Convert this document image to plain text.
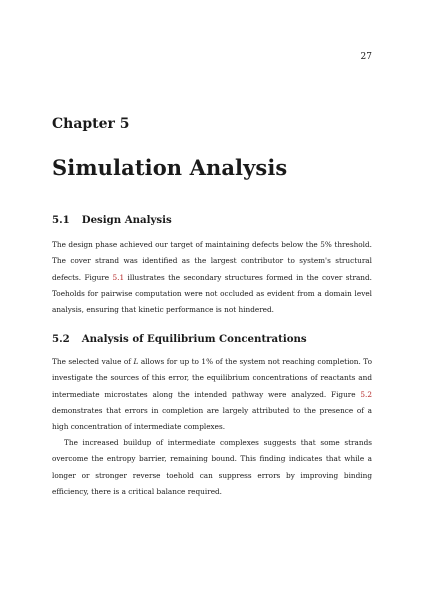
27
Chapter 5
Simulation Analysis
5.1 Design Analysis

The design phase achieved our target of maintaining defects below the 5% threshold. The cover strand was identified as the largest contributor to system's structural defects. Figure 5.1 illustrates the secondary structures formed in the cover strand. Toeholds for pairwise computation were not occluded as evident from a domain level analysis, ensuring that kinetic performance is not hindered.

5.2 Analysis of Equilibrium Concentrations

The selected value of L allows for up to 1% of the system not reaching completion. To investigate the sources of this error, the equilibrium concentrations of reactants and intermediate microstates along the intended pathway were analyzed. Figure 5.2 demonstrates that errors in completion are largely attributed to the presence of a high concentration of intermediate complexes.

The increased buildup of intermediate complexes suggests that some strands overcome the entropy barrier, remaining bound. This finding indicates that while a longer or stronger reverse toehold can suppress errors by improving binding efficiency, there is a critical balance required.
